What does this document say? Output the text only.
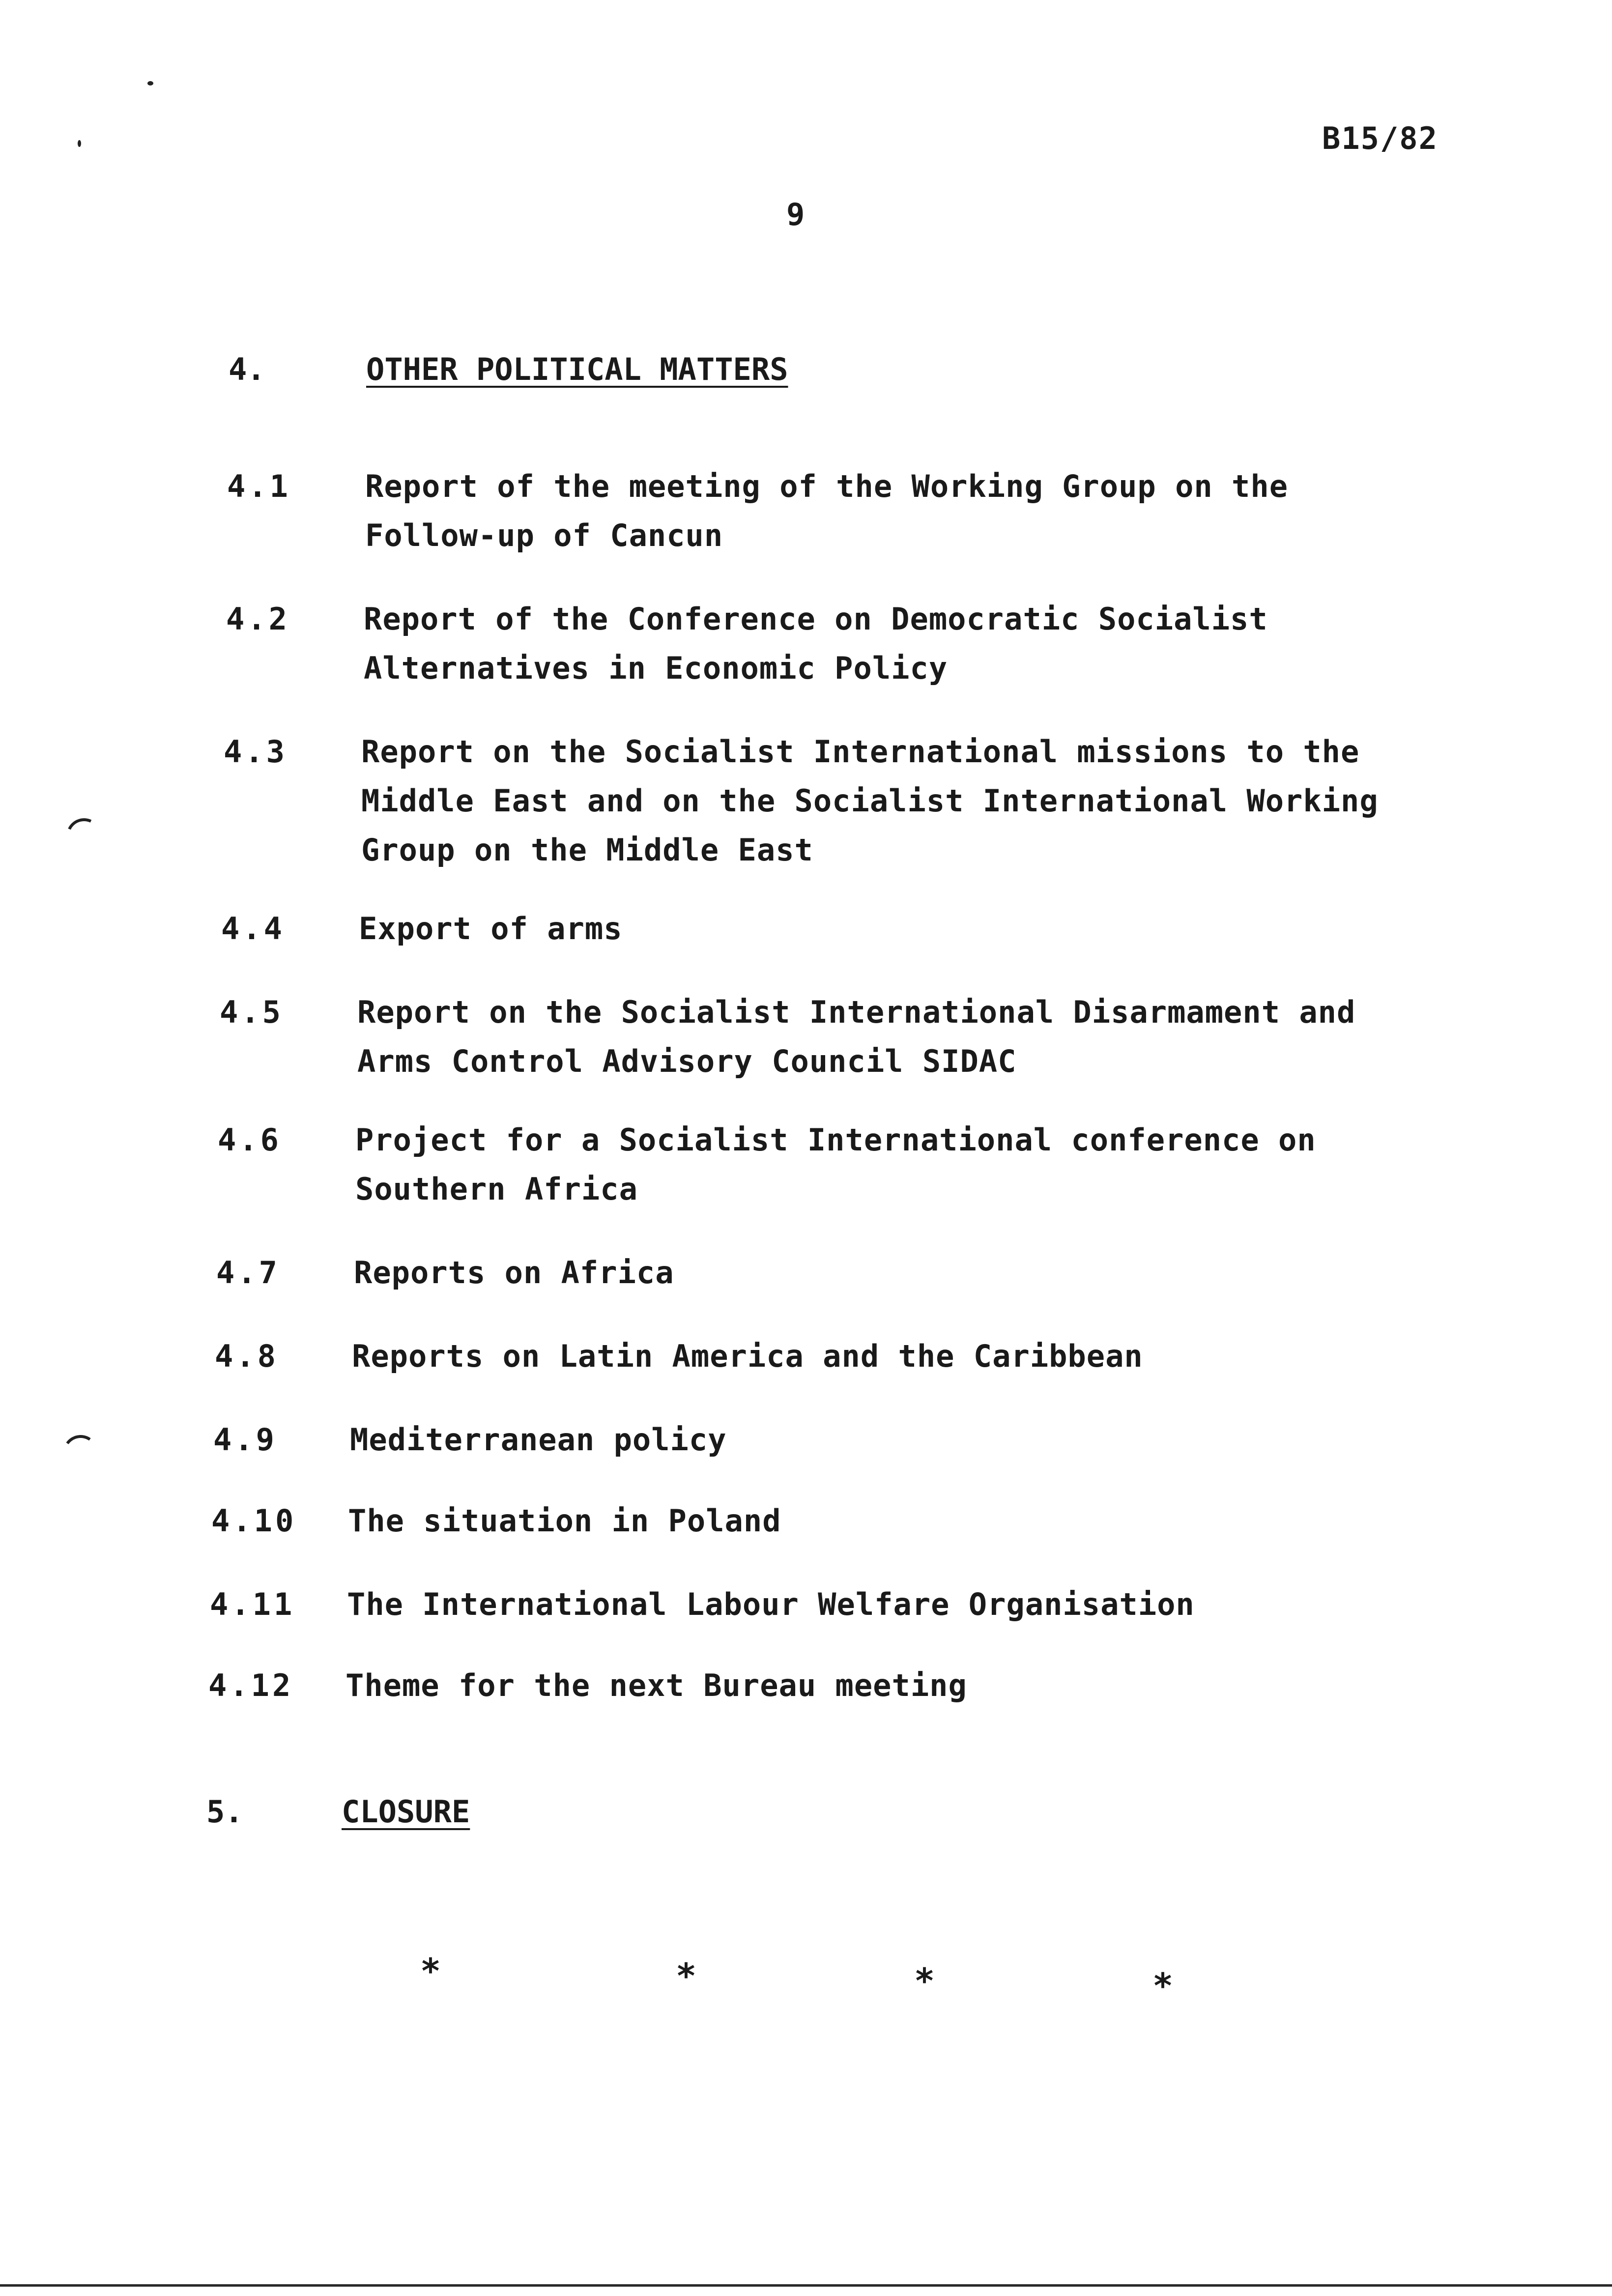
B15/82
9
4.	OTHER POLITICAL MATTERS
4.1 Report of the meeting of the Working Group on the
Follow-up of Cancun
4.2 Report of the Conference on Democratic Socialist
Alternatives in Economic Policy
4.3 Report on the Socialist International missions to the
Middle East and on the Socialist International Working
Group on the Middle East
4.4 Export of arms
4.5 Report on the Socialist International Disarmament and
Arms Control Advisory Council SIDAC
4.6 Project for a Socialist International conference on
Southern Africa
4.7 Reports on Africa
4.8 Reports on Latin America and the Caribbean
4.9 Mediterranean policy
4.10 The situation in Poland
4.11 The International Labour Welfare Organisation
4.12 Theme for the next Bureau meeting
5.	CLOSURE
*	*	*	*
